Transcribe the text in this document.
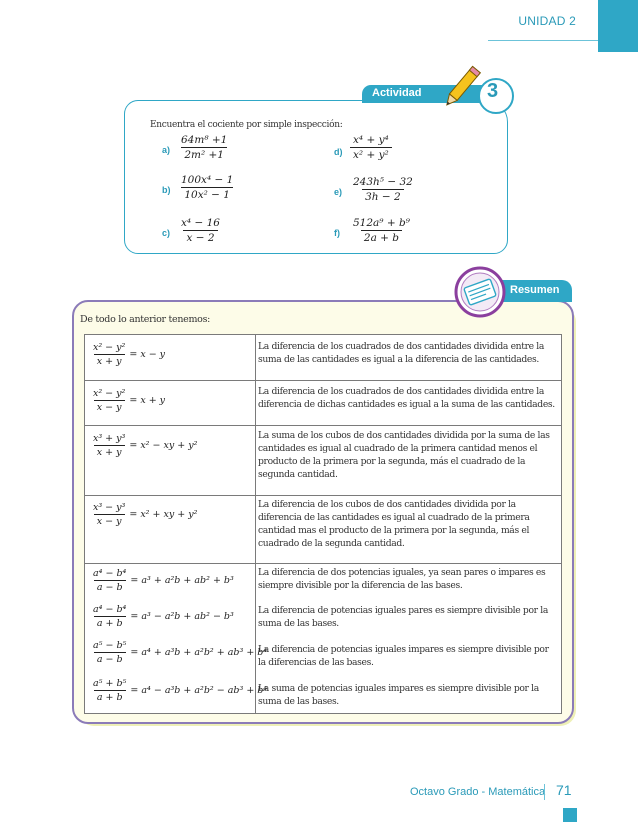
UNIDAD 2
Actividad	3
Encuentra el cociente por simple inspección:
$a) \frac{\text{64m⁸ +1}}{\text{2m² +1}}$
$b) \frac{\text{100x⁴ − 1}}{\text{10x² − 1}}$
$c) \frac{\text{x⁴ − 16}}{x - 2}$
$d) \frac{\text{x⁴ + y⁴}}{\text{x² + y²}}$
$e) \frac{\text{243h⁵ − 32}}{3h - 2}$
$f) \frac{\text{512a⁹ + b⁹}}{2a + b}$
Resumen
De todo lo anterior tenemos:
$\frac{\text{x² − y²}}{x + y} = x - y$
La diferencia de los cuadrados de dos cantidades dividida entre la suma de las cantidades es igual a la diferencia de las cantidades.
$\frac{\text{x² − y²}}{x - y} = x + y$
La diferencia de los cuadrados de dos cantidades dividida entre la diferencia de dichas cantidades es igual a la suma de las cantidades.
$\frac{\text{x³ + y³}}{x + y} = x^2$ − xy + y²
La suma de los cubos de dos cantidades dividida por la suma de las cantidades es igual al cuadrado de la primera cantidad menos el producto de la primera por la segunda, más el cuadrado de la segunda cantidad.
$\frac{\text{x³ − y³}}{x - y} = x^2$ + xy + y²
La diferencia de los cubos de dos cantidades dividida por la diferencia de las cantidades es igual al cuadrado de la primera cantidad mas el producto de la primera por la segunda, más el cuadrado de la segunda cantidad.
$\frac{\text{a⁴ − b⁴}}{a - b} = a^3 + a^2b + ab^2 + b^3$
La diferencia de dos potencias iguales, ya sean pares o impares es siempre divisible por la diferencia de las bases.
$\frac{\text{a⁴ − b⁴}}{a + b} = a^3 - a^2b + ab^2 - b^3$
La diferencia de potencias iguales pares es siempre divisible por la suma de las bases.
$\frac{\text{a⁵ − b⁵}}{a - b} = a^4 + a^3b + a^2b^2 + ab^3 + b^4$
La diferencia de potencias iguales impares es siempre divisible por la diferencias de las bases.
$\frac{\text{a⁵ + b⁵}}{a + b} = a^4 - a^3b + a^2b^2 - ab^3 + b^4$
La suma de potencias iguales impares es siempre divisible por la suma de las bases.
Octavo Grado - Matemática 71
